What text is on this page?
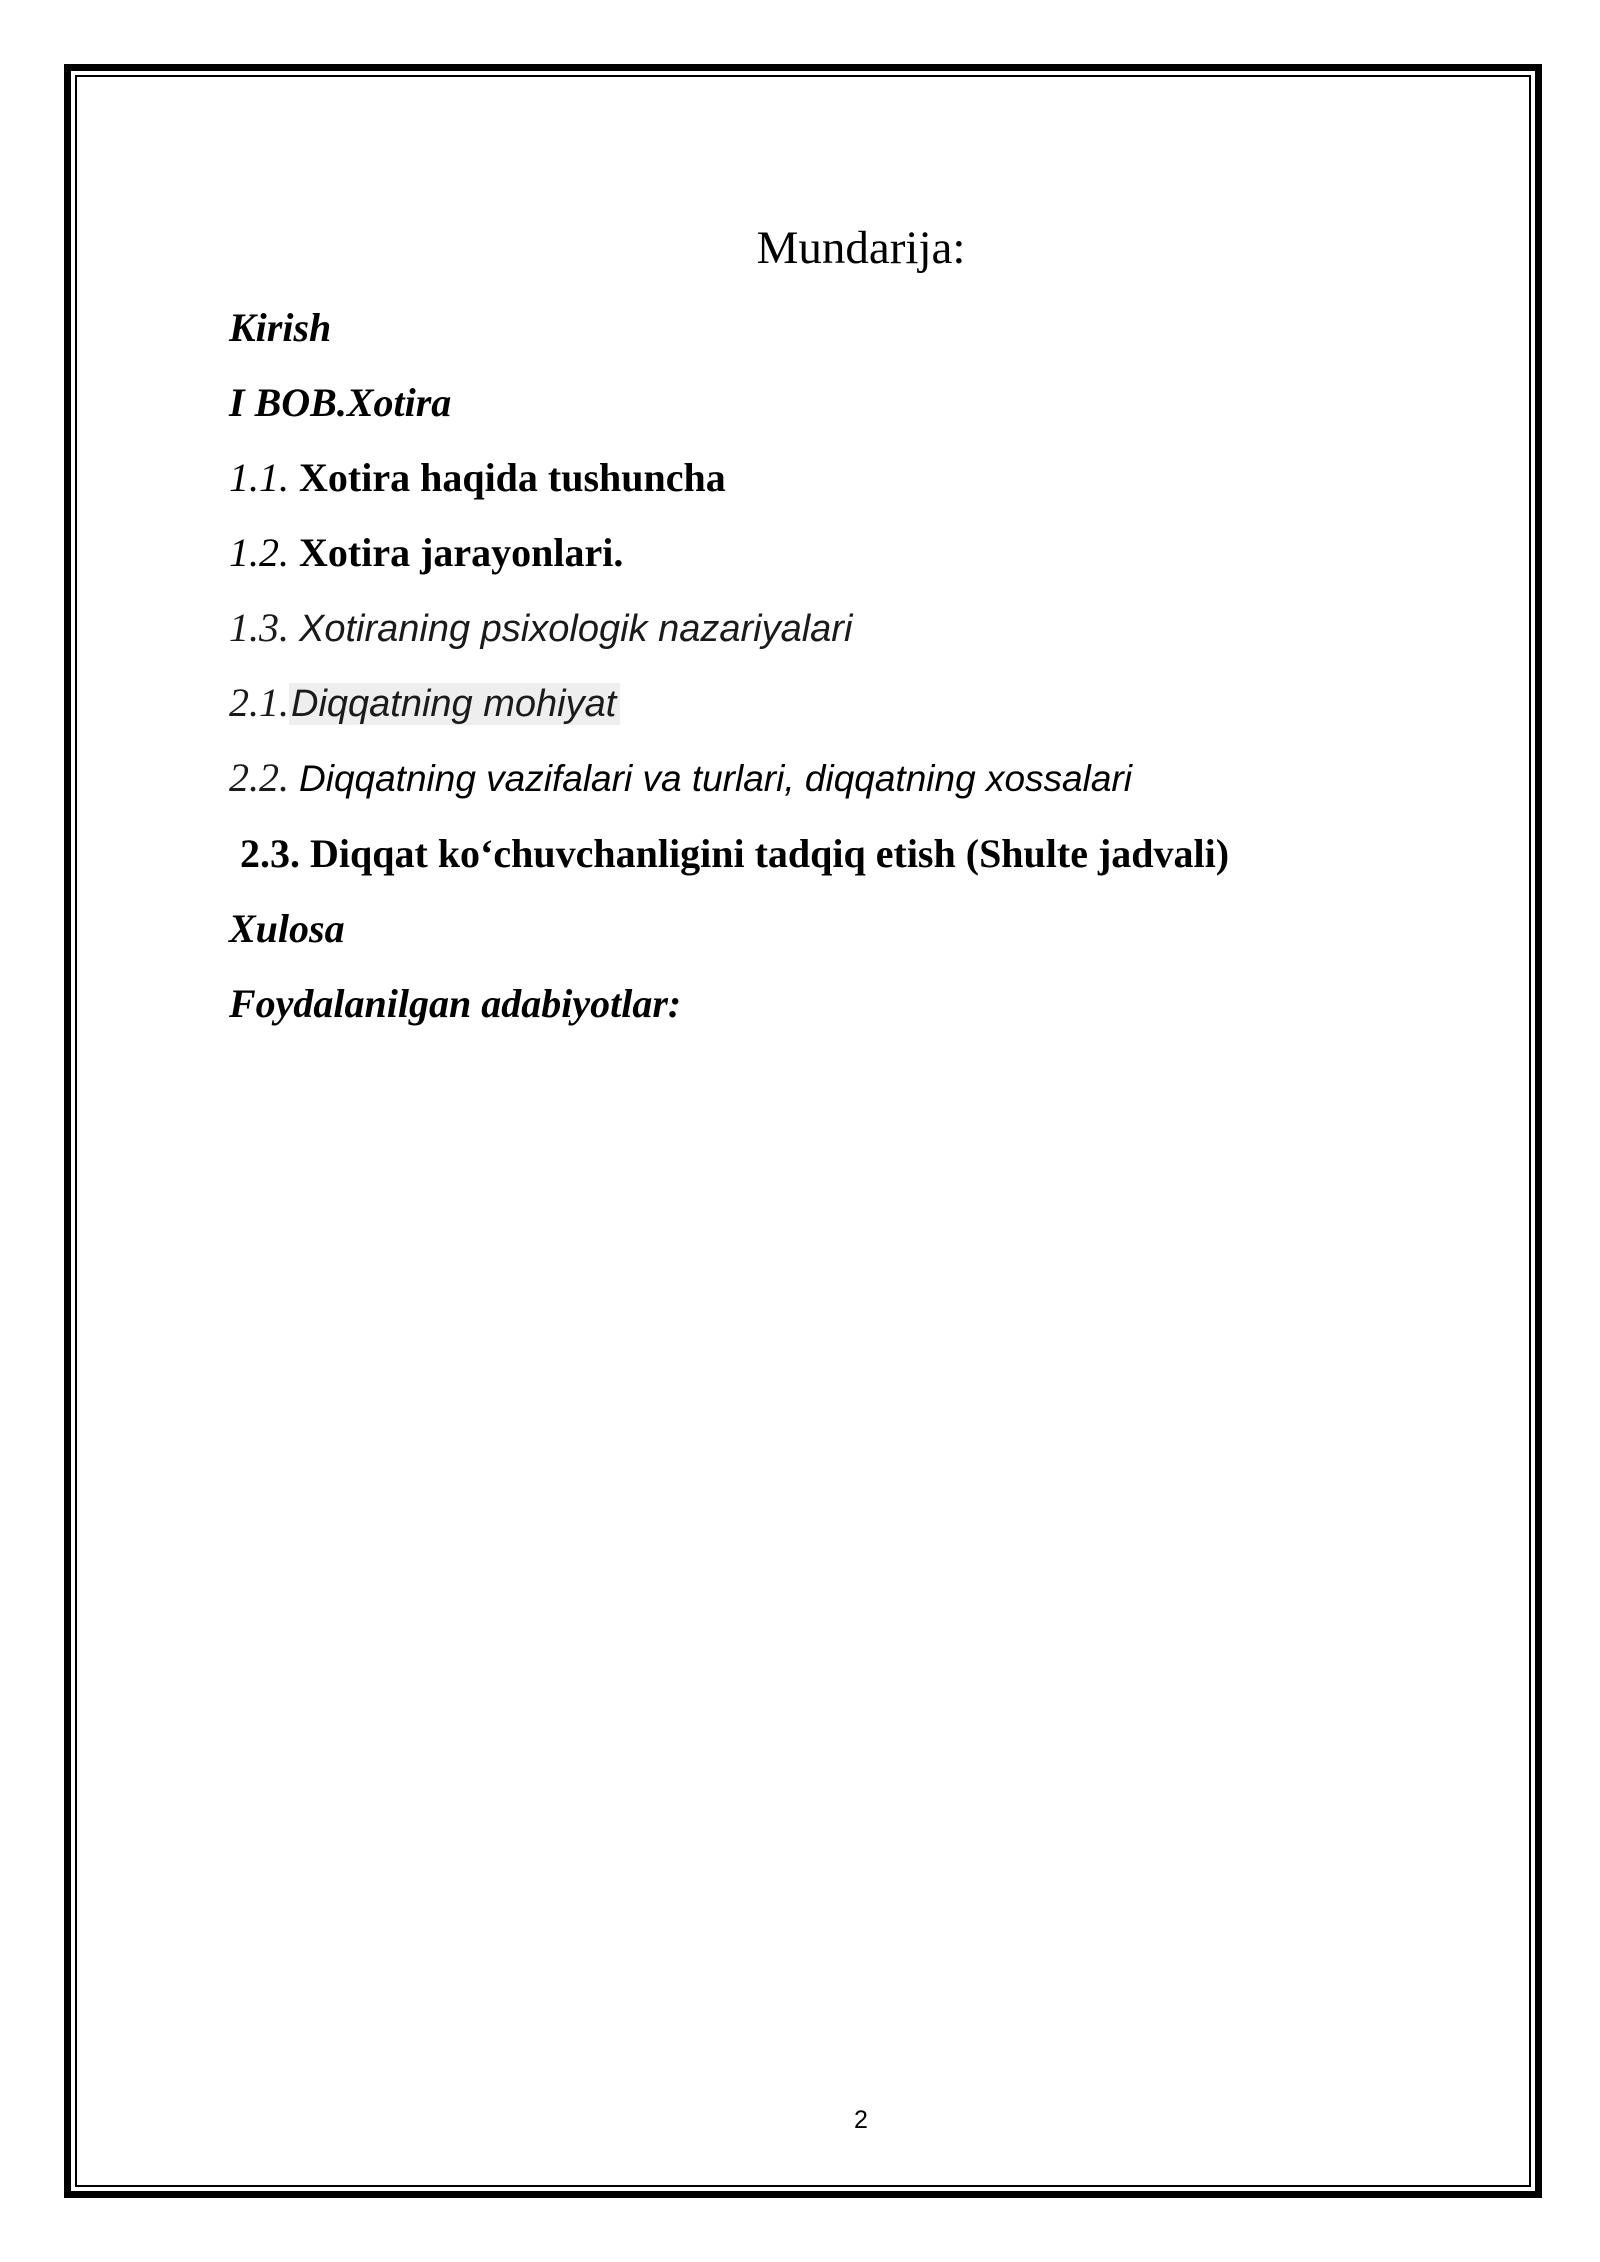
Mundarija:
Kirish
I BOB.Xotira
1.1. Xotira haqida tushuncha
1.2. Xotira jarayonlari.
1.3. Xotiraning psixologik nazariyalari
2.1.Diqqatning mohiyat
2.2. Diqqatning vazifalari va turlari, diqqatning xossalari
2.3. Diqqat ko‘chuvchanligini tadqiq etish (Shulte jadvali)
Xulosa
Foydalanilgan adabiyotlar:
2
